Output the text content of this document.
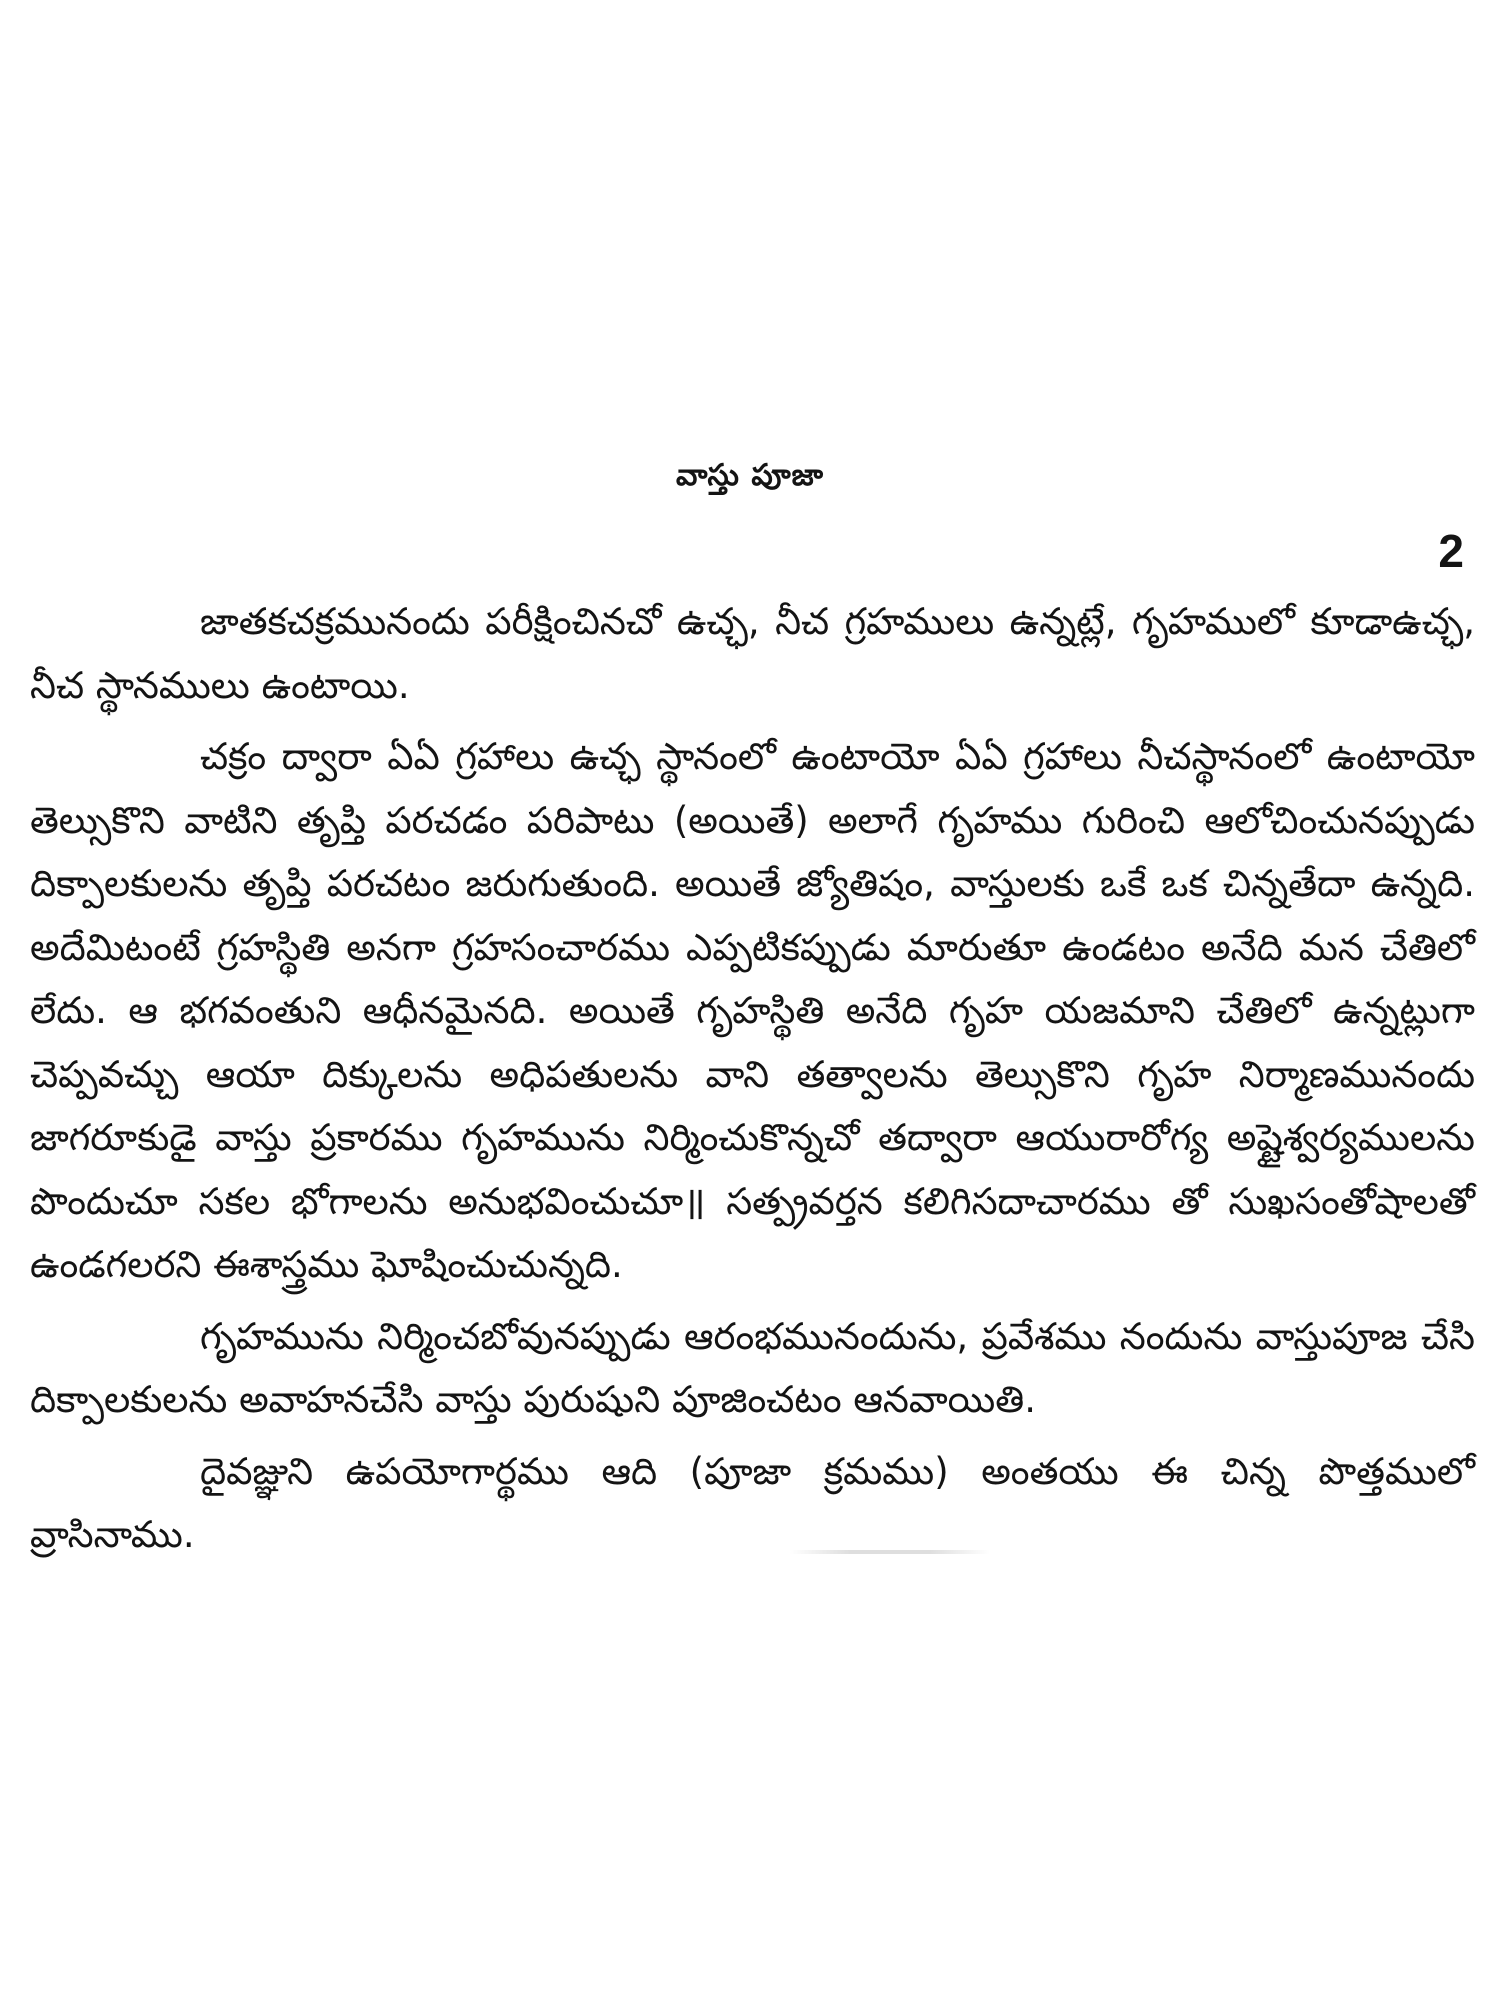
వాస్తు పూజా
2

జాతకచక్రమునందు పరీక్షించినచో ఉచ్ఛ, నీచ గ్రహములు ఉన్నట్లే, గృహములో కూడాఉచ్ఛ, నీచ స్థానములు ఉంటాయి.

చక్రం ద్వారా ఏఏ గ్రహాలు ఉచ్ఛ స్థానంలో ఉంటాయో ఏఏ గ్రహాలు నీచస్థానంలో ఉంటాయో తెల్సుకొని వాటిని తృప్తి పరచడం పరిపాటు (అయితే) అలాగే గృహము గురించి ఆలోచించునప్పుడు దిక్పాలకులను తృప్తి పరచటం జరుగుతుంది. అయితే జ్యోతిషం, వాస్తులకు ఒకే ఒక చిన్నతేదా ఉన్నది. అదేమిటంటే గ్రహస్థితి అనగా గ్రహసంచారము ఎప్పటికప్పుడు మారుతూ ఉండటం అనేది మన చేతిలో లేదు. ఆ భగవంతుని ఆధీనమైనది. అయితే గృహస్థితి అనేది గృహ యజమాని చేతిలో ఉన్నట్లుగా చెప్పవచ్చు ఆయా దిక్కులను అధిపతులను వాని తత్వాలను తెల్సుకొని గృహ నిర్మాణమునందు జాగరూకుడై వాస్తు ప్రకారము గృహమును నిర్మించుకొన్నచో తద్వారా ఆయురారోగ్య అష్టైశ్వర్యములను పొందుచూ సకల భోగాలను అనుభవించుచూ॥ సత్ప్రవర్తన కలిగిసదాచారము తో సుఖసంతోషాలతో ఉండగలరని ఈశాస్త్రము ఘోషించుచున్నది.

గృహమును నిర్మించబోవునప్పుడు ఆరంభమునందును, ప్రవేశము నందును వాస్తుపూజ చేసి దిక్పాలకులను అవాహనచేసి వాస్తు పురుషుని పూజించటం ఆనవాయితి.

దైవజ్ఞుని ఉపయోగార్థము ఆది (పూజా క్రమము) అంతయు ఈ చిన్న పొత్తములో వ్రాసినాము.
